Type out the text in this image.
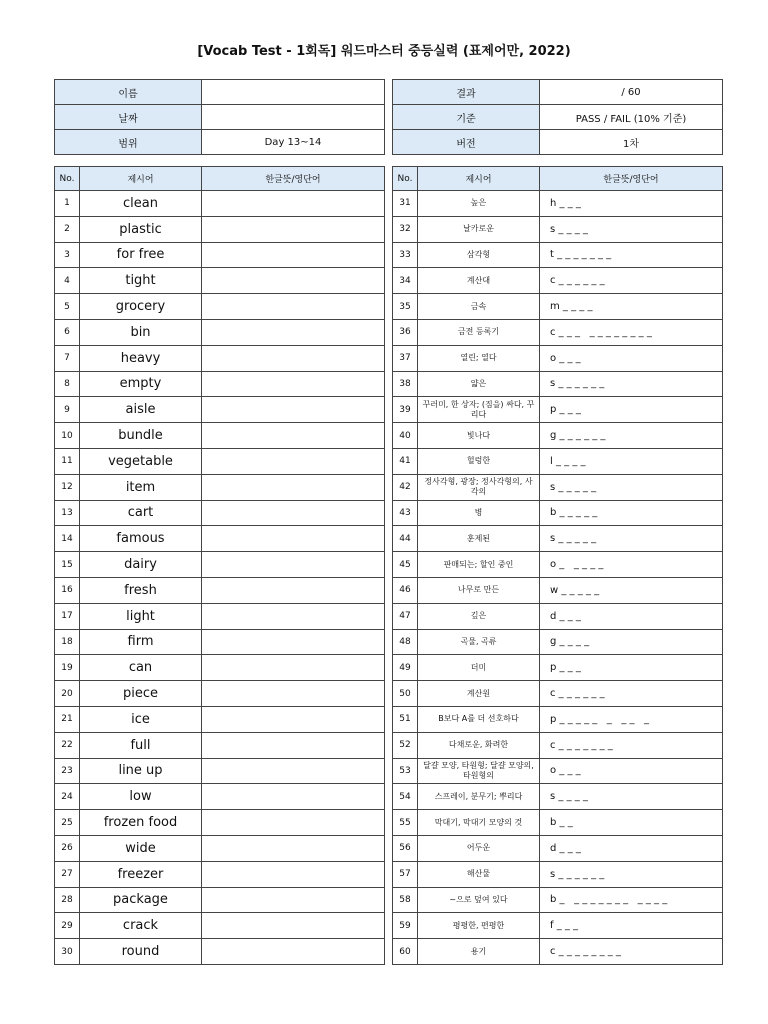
[Vocab Test - 1회독] 워드마스터 중등실력 (표제어만, 2022)
이름	
날짜	
범위	Day 13~14
결과	/ 60
기준	PASS / FAIL (10% 기준)
버전	1차
No.	제시어	한글뜻/영단어
1	clean	
2	plastic	
3	for free	
4	tight	
5	grocery	
6	bin	
7	heavy	
8	empty	
9	aisle	
10	bundle	
11	vegetable	
12	item	
13	cart	
14	famous	
15	dairy	
16	fresh	
17	light	
18	firm	
19	can	
20	piece	
21	ice	
22	full	
23	line up	
24	low	
25	frozen food	
26	wide	
27	freezer	
28	package	
29	crack	
30	round	
No.	제시어	한글뜻/영단어
31	높은	h _ _ _
32	날카로운	s _ _ _ _
33	삼각형	t _ _ _ _ _ _ _
34	계산대	c _ _ _ _ _ _
35	금속	m _ _ _ _
36	금전 등록기	c _ _ _   _ _ _ _ _ _ _ _
37	열린; 열다	o _ _ _
38	얇은	s _ _ _ _ _ _
39	꾸러미, 한 상자; (짐을) 싸다, 꾸리다	p _ _ _
40	빛나다	g _ _ _ _ _ _
41	헐렁한	l _ _ _ _
42	정사각형, 광장; 정사각형의, 사각의	s _ _ _ _ _
43	병	b _ _ _ _ _
44	훈제된	s _ _ _ _ _
45	판매되는; 할인 중인	o _   _ _ _ _
46	나무로 만든	w _ _ _ _ _
47	깊은	d _ _ _
48	곡물, 곡류	g _ _ _ _
49	더미	p _ _ _
50	계산원	c _ _ _ _ _ _
51	B보다 A를 더 선호하다	p _ _ _ _ _   _   _ _   _
52	다채로운, 화려한	c _ _ _ _ _ _ _
53	달걀 모양, 타원형; 달걀 모양의, 타원형의	o _ _ _
54	스프레이, 분무기; 뿌리다	s _ _ _ _
55	막대기, 막대기 모양의 것	b _ _
56	어두운	d _ _ _
57	해산물	s _ _ _ _ _ _
58	~으로 덮여 있다	b _   _ _ _ _ _ _ _   _ _ _ _
59	평평한, 편평한	f _ _ _
60	용기	c _ _ _ _ _ _ _ _
